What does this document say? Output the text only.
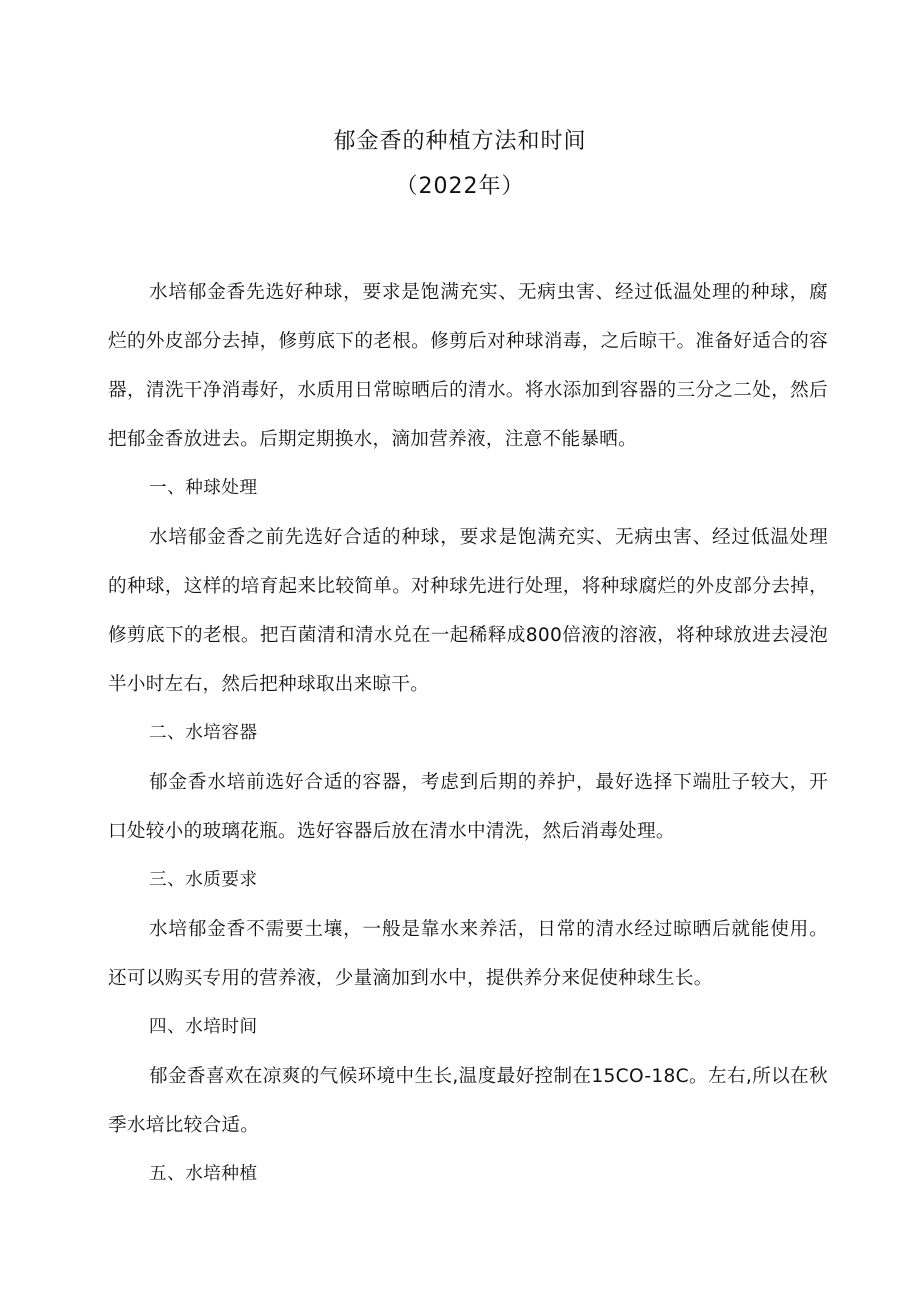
郁金香的种植方法和时间
（2022年）

水培郁金香先选好种球，要求是饱满充实、无病虫害、经过低温处理的种球，腐烂的外皮部分去掉，修剪底下的老根。修剪后对种球消毒，之后晾干。准备好适合的容器，清洗干净消毒好，水质用日常晾晒后的清水。将水添加到容器的三分之二处，然后把郁金香放进去。后期定期换水，滴加营养液，注意不能暴晒。

一、种球处理

水培郁金香之前先选好合适的种球，要求是饱满充实、无病虫害、经过低温处理的种球，这样的培育起来比较简单。对种球先进行处理，将种球腐烂的外皮部分去掉，修剪底下的老根。把百菌清和清水兑在一起稀释成800倍液的溶液，将种球放进去浸泡半小时左右，然后把种球取出来晾干。

二、水培容器

郁金香水培前选好合适的容器，考虑到后期的养护，最好选择下端肚子较大，开口处较小的玻璃花瓶。选好容器后放在清水中清洗，然后消毒处理。

三、水质要求

水培郁金香不需要土壤，一般是靠水来养活，日常的清水经过晾晒后就能使用。还可以购买专用的营养液，少量滴加到水中，提供养分来促使种球生长。

四、水培时间

郁金香喜欢在凉爽的气候环境中生长,温度最好控制在15CO-18C。左右,所以在秋季水培比较合适。

五、水培种植
